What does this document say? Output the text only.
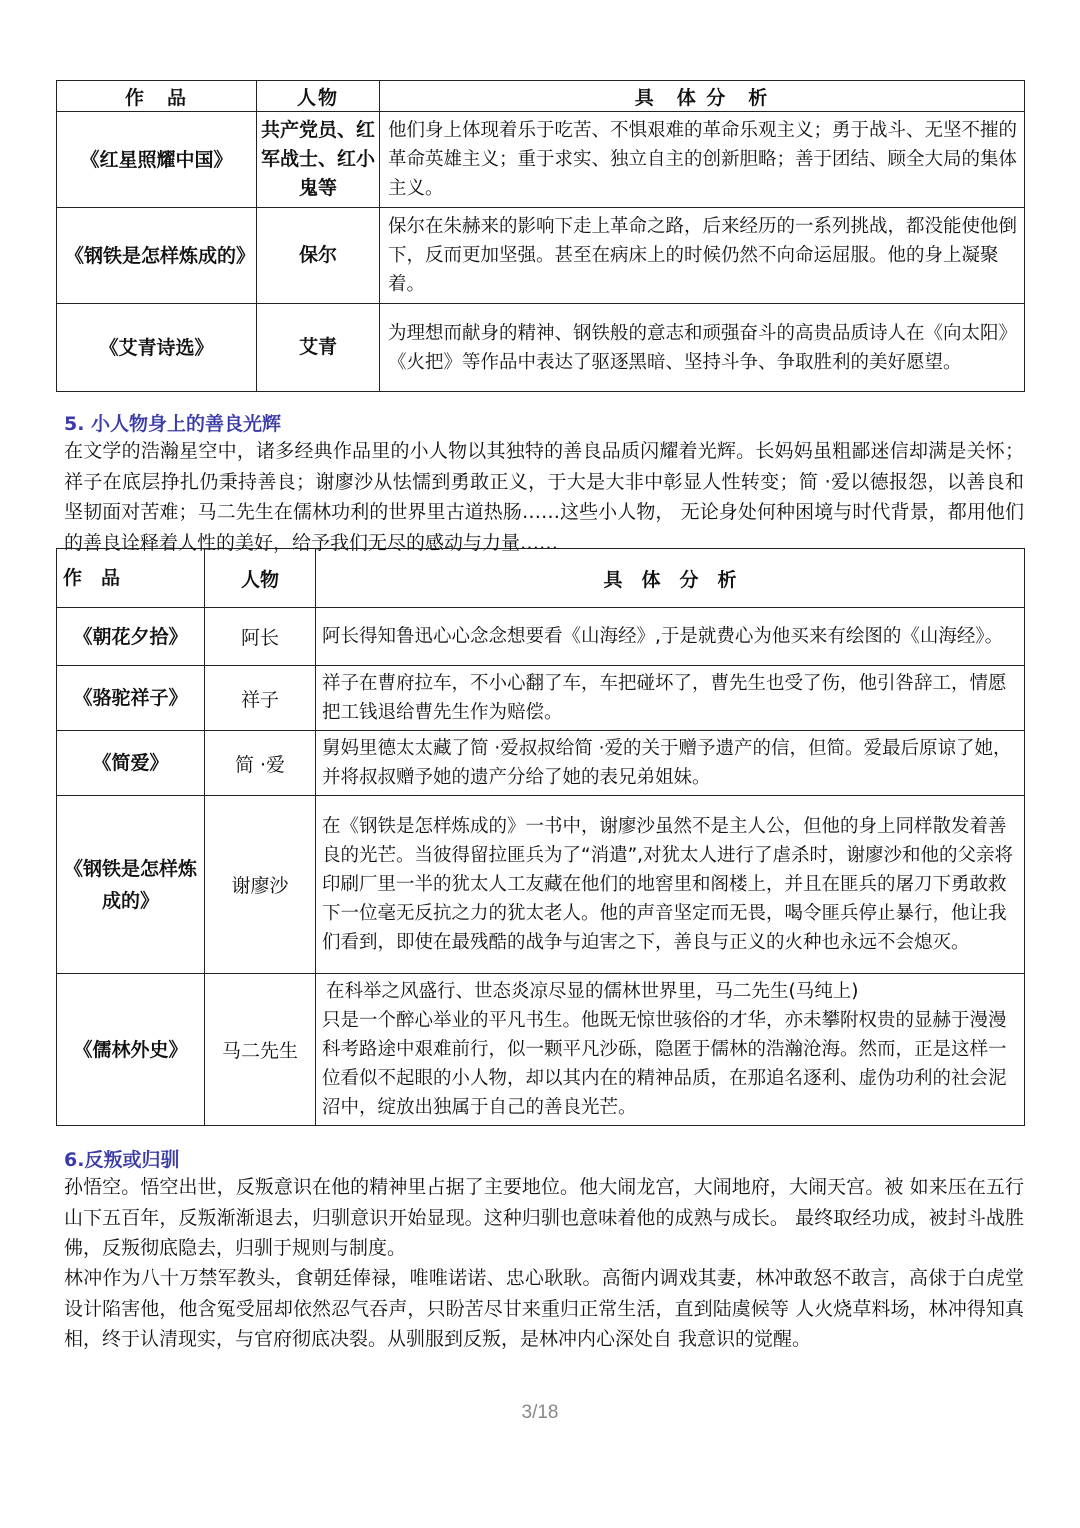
作　品	人物	具　体 分　析
《红星照耀中国》	共产党员、红军战士、红小鬼等	他们身上体现着乐于吃苦、不惧艰难的革命乐观主义；勇于战斗、无坚不摧的革命英雄主义；重于求实、独立自主的创新胆略；善于团结、顾全大局的集体主义。
《钢铁是怎样炼成的》	保尔	保尔在朱赫来的影响下走上革命之路，后来经历的一系列挑战，都没能使他倒下，反而更加坚强。甚至在病床上的时候仍然不向命运屈服。他的身上凝聚着。
《艾青诗选》	艾青	为理想而献身的精神、钢铁般的意志和顽强奋斗的高贵品质诗人在《向太阳》《火把》等作品中表达了驱逐黑暗、坚持斗争、争取胜利的美好愿望。
5. 小人物身上的善良光辉

在文学的浩瀚星空中，诸多经典作品里的小人物以其独特的善良品质闪耀着光辉。长妈妈虽粗鄙迷信却满是关怀；祥子在底层挣扎仍秉持善良；谢廖沙从怯懦到勇敢正义，于大是大非中彰显人性转变；简 ·爱以德报怨，以善良和坚韧面对苦难；马二先生在儒林功利的世界里古道热肠……这些小人物， 无论身处何种困境与时代背景，都用他们的善良诠释着人性的美好，给予我们无尽的感动与力量……

作　品	人物	具　体　分　析
《朝花夕拾》	阿长	阿长得知鲁迅心心念念想要看《山海经》,于是就费心为他买来有绘图的《山海经》。
《骆驼祥子》	祥子	祥子在曹府拉车，不小心翻了车，车把碰坏了，曹先生也受了伤，他引咎辞工，情愿把工钱退给曹先生作为赔偿。
《简爱》	简 ·爱	舅妈里德太太藏了简 ·爱叔叔给简 ·爱的关于赠予遗产的信，但简。爱最后原谅了她，并将叔叔赠予她的遗产分给了她的表兄弟姐妹。
《钢铁是怎样炼成的》	谢廖沙	在《钢铁是怎样炼成的》一书中，谢廖沙虽然不是主人公，但他的身上同样散发着善良的光芒。当彼得留拉匪兵为了“消遣”,对犹太人进行了虐杀时，谢廖沙和他的父亲将印刷厂里一半的犹太人工友藏在他们的地窖里和阁楼上，并且在匪兵的屠刀下勇敢救下一位毫无反抗之力的犹太老人。他的声音坚定而无畏，喝令匪兵停止暴行，他让我们看到，即使在最残酷的战争与迫害之下，善良与正义的火种也永远不会熄灭。
《儒林外史》	马二先生	在科举之风盛行、世态炎凉尽显的儒林世界里，马二先生(马纯上)
只是一个醉心举业的平凡书生。他既无惊世骇俗的才华，亦未攀附权贵的显赫于漫漫科考路途中艰难前行，似一颗平凡沙砾，隐匿于儒林的浩瀚沧海。然而，正是这样一位看似不起眼的小人物，却以其内在的精神品质，在那追名逐利、虚伪功利的社会泥沼中，绽放出独属于自己的善良光芒。
6.反叛或归驯

孙悟空。悟空出世，反叛意识在他的精神里占据了主要地位。他大闹龙宫，大闹地府，大闹天宫。被 如来压在五行山下五百年，反叛渐渐退去，归驯意识开始显现。这种归驯也意味着他的成熟与成长。 最终取经功成，被封斗战胜佛，反叛彻底隐去，归驯于规则与制度。

林冲作为八十万禁军教头，食朝廷俸禄，唯唯诺诺、忠心耿耿。高衙内调戏其妻，林冲敢怒不敢言，高俅于白虎堂设计陷害他，他含冤受屈却依然忍气吞声，只盼苦尽甘来重归正常生活，直到陆虞候等 人火烧草料场，林冲得知真相，终于认清现实，与官府彻底决裂。从驯服到反叛，是林冲内心深处自 我意识的觉醒。

3/18
